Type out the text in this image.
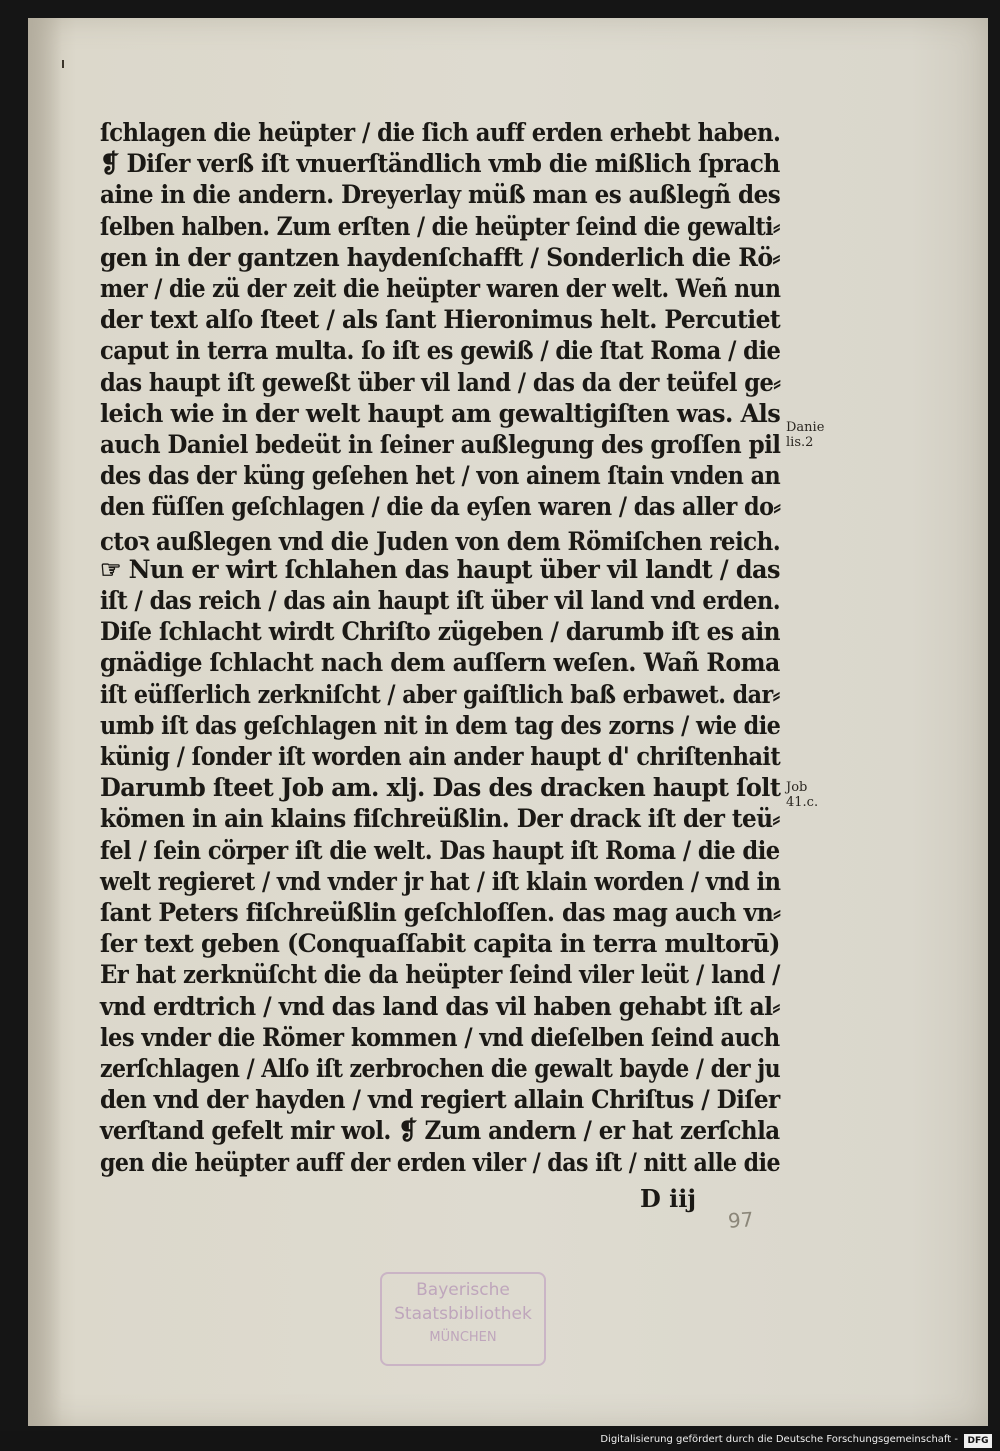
ſchlagen die heüpter / die ſich auff erden erhebt haben.
❡ Diſer verß iſt vnuerſtändlich vmb die mißlich ſprach
aine in die andern. Dreyerlay müß man es außlegñ des
ſelben halben. Zum erſten / die heüpter ſeind die gewalti⸗
gen in der gantzen haydenſchafft / Sonderlich die Rö⸗
mer / die zü der zeit die heüpter waren der welt. Weñ nun
der text alſo ſteet / als ſant Hieronimus helt. Percutiet
caput in terra multa. ſo iſt es gewiß / die ſtat Roma / die
das haupt iſt geweßt über vil land / das da der teüfel ge⸗
leich wie in der welt haupt am gewaltigiſten was. Als
auch Daniel bedeüt in ſeiner außlegung des groſſen pil
des das der küng geſehen het / von ainem ſtain vnden an
den füſſen geſchlagen / die da eyſen waren / das aller do⸗
ctoꝛ außlegen vnd die Juden von dem Römiſchen reich.
☞ Nun er wirt ſchlahen das haupt über vil landt / das
iſt / das reich / das ain haupt iſt über vil land vnd erden.
Diſe ſchlacht wirdt Chriſto zügeben / darumb iſt es ain
gnädige ſchlacht nach dem auſſern weſen. Wañ Roma
iſt eüſſerlich zerkniſcht / aber gaiſtlich baß erbawet. dar⸗
umb iſt das geſchlagen nit in dem tag des zorns / wie die
künig / ſonder iſt worden ain ander haupt d' chriſtenhait
Darumb ſteet Job am. xlj. Das des dracken haupt ſolt
kömen in ain klains fiſchreüßlin. Der drack iſt der teü⸗
fel / ſein cörper iſt die welt. Das haupt iſt Roma / die die
welt regieret / vnd vnder jr hat / iſt klain worden / vnd in
ſant Peters fiſchreüßlin geſchloſſen. das mag auch vn⸗
ſer text geben (Conquaſſabit capita in terra multorū)
Er hat zerknüſcht die da heüpter ſeind viler leüt / land /
vnd erdtrich / vnd das land das vil haben gehabt iſt al⸗
les vnder die Römer kommen / vnd dieſelben ſeind auch
zerſchlagen / Alſo iſt zerbrochen die gewalt bayde / der ju
den vnd der hayden / vnd regiert allain Chriſtus / Diſer
verſtand gefelt mir wol. ❡ Zum andern / er hat zerſchla
gen die heüpter auff der erden viler / das iſt / nitt alle die
Danie
lis.2
Job
41.c.
D iij
97
Bayerische
Staatsbibliothek
MÜNCHEN
Digitalisierung gefördert durch die Deutsche Forschungsgemeinschaft -	DFG
